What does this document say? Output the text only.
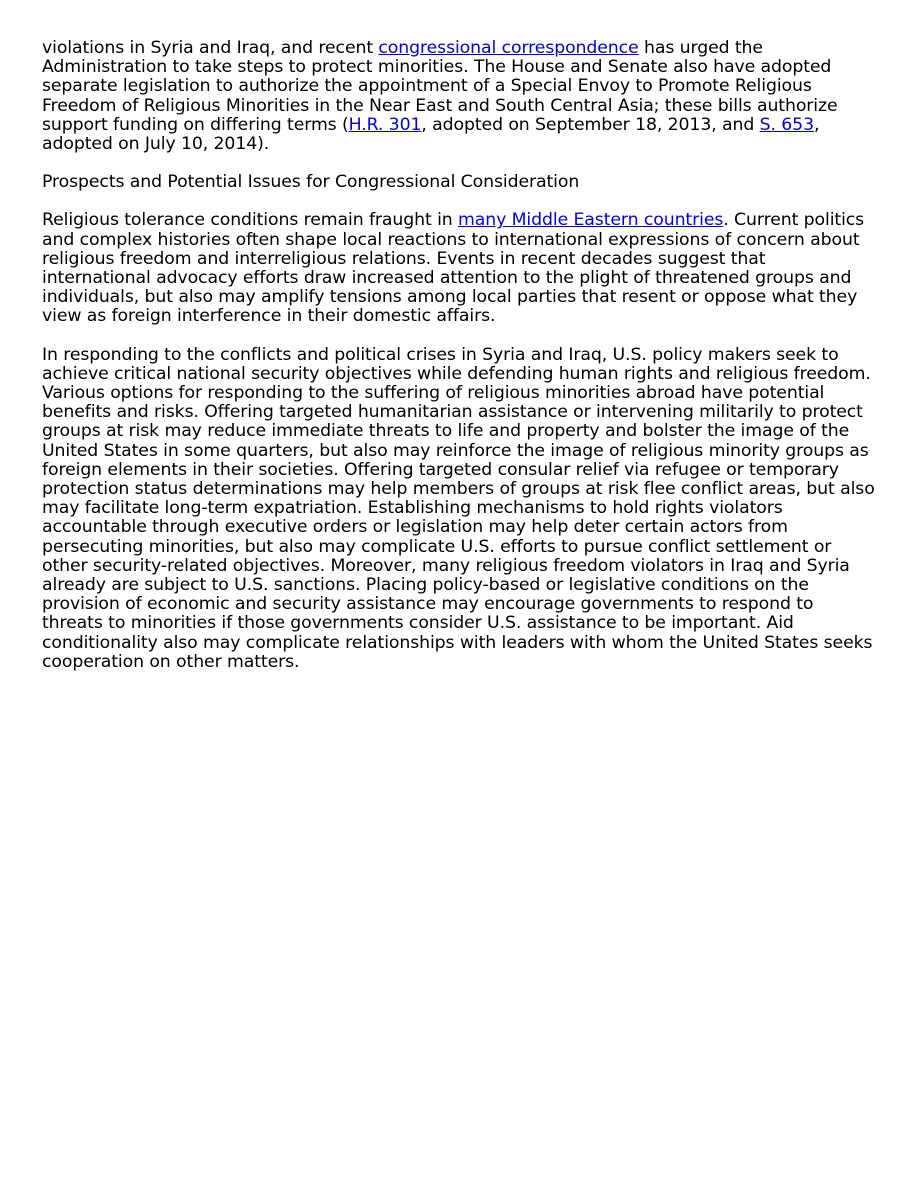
violations in Syria and Iraq, and recent congressional correspondence has urged the Administration to take steps to protect minorities. The House and Senate also have adopted separate legislation to authorize the appointment of a Special Envoy to Promote Religious Freedom of Religious Minorities in the Near East and South Central Asia; these bills authorize support funding on differing terms (H.R. 301, adopted on September 18, 2013, and S. 653, adopted on July 10, 2014).

Prospects and Potential Issues for Congressional Consideration

Religious tolerance conditions remain fraught in many Middle Eastern countries. Current politics and complex histories often shape local reactions to international expressions of concern about religious freedom and interreligious relations. Events in recent decades suggest that international advocacy efforts draw increased attention to the plight of threatened groups and individuals, but also may amplify tensions among local parties that resent or oppose what they view as foreign interference in their domestic affairs.

In responding to the conflicts and political crises in Syria and Iraq, U.S. policy makers seek to achieve critical national security objectives while defending human rights and religious freedom. Various options for responding to the suffering of religious minorities abroad have potential benefits and risks. Offering targeted humanitarian assistance or intervening militarily to protect groups at risk may reduce immediate threats to life and property and bolster the image of the United States in some quarters, but also may reinforce the image of religious minority groups as foreign elements in their societies. Offering targeted consular relief via refugee or temporary protection status determinations may help members of groups at risk flee conflict areas, but also may facilitate long-term expatriation. Establishing mechanisms to hold rights violators accountable through executive orders or legislation may help deter certain actors from persecuting minorities, but also may complicate U.S. efforts to pursue conflict settlement or other security-related objectives. Moreover, many religious freedom violators in Iraq and Syria already are subject to U.S. sanctions. Placing policy-based or legislative conditions on the provision of economic and security assistance may encourage governments to respond to threats to minorities if those governments consider U.S. assistance to be important. Aid conditionality also may complicate relationships with leaders with whom the United States seeks cooperation on other matters.
